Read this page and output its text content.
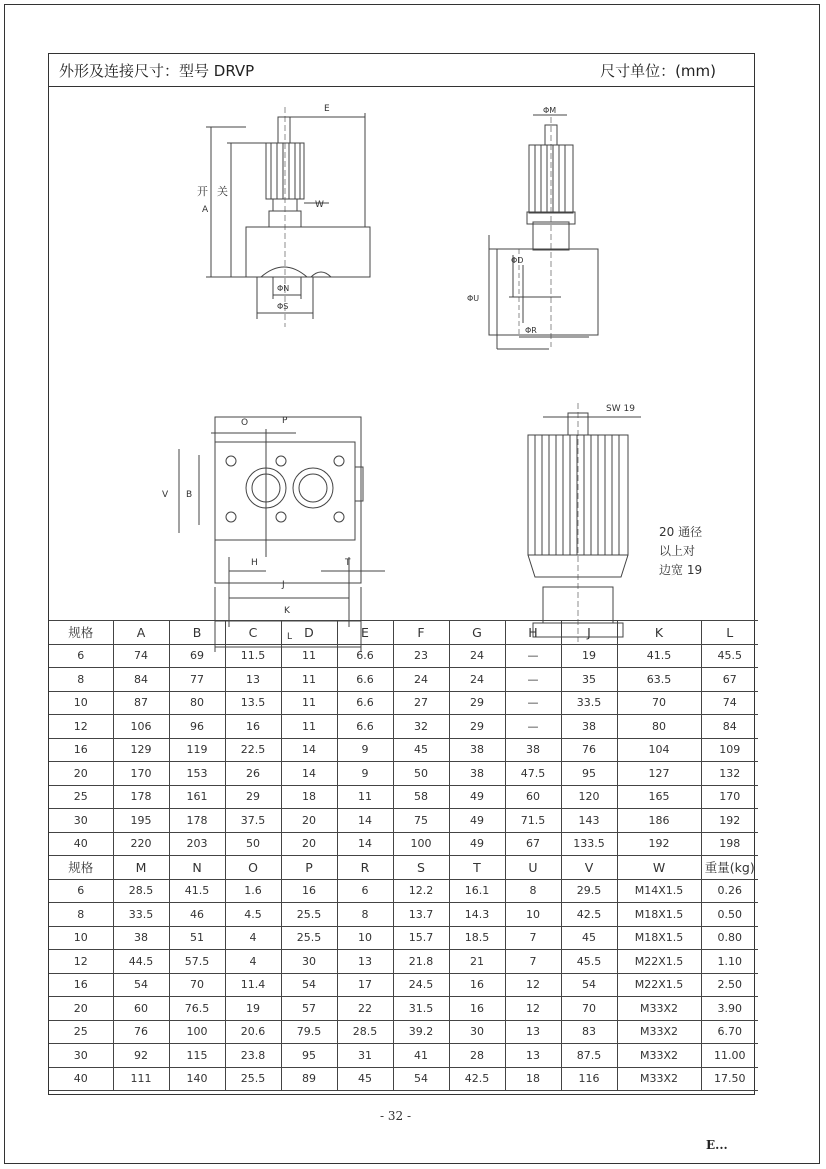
外形及连接尺寸：型号 DRVP	尺寸单位：(mm)
E
开 关
A	W
ΦN
ΦS
ΦM
ΦD
ΦR
ΦU
O	P
V B
H
J
K
L
T
SW 19
20 通径
以上对
边宽 19
规格	A	B	C	D	E	F	G	H	J	K	L
6	74	69	11.5	11	6.6	23	24	—	19	41.5	45.5
8	84	77	13	11	6.6	24	24	—	35	63.5	67
10	87	80	13.5	11	6.6	27	29	—	33.5	70	74
12	106	96	16	11	6.6	32	29	—	38	80	84
16	129	119	22.5	14	9	45	38	38	76	104	109
20	170	153	26	14	9	50	38	47.5	95	127	132
25	178	161	29	18	11	58	49	60	120	165	170
30	195	178	37.5	20	14	75	49	71.5	143	186	192
40	220	203	50	20	14	100	49	67	133.5	192	198
规格	M	N	O	P	R	S	T	U	V	W	重量(kg)
6	28.5	41.5	1.6	16	6	12.2	16.1	8	29.5	M14X1.5	0.26
8	33.5	46	4.5	25.5	8	13.7	14.3	10	42.5	M18X1.5	0.50
10	38	51	4	25.5	10	15.7	18.5	7	45	M18X1.5	0.80
12	44.5	57.5	4	30	13	21.8	21	7	45.5	M22X1.5	1.10
16	54	70	11.4	54	17	24.5	16	12	54	M22X1.5	2.50
20	60	76.5	19	57	22	31.5	16	12	70	M33X2	3.90
25	76	100	20.6	79.5	28.5	39.2	30	13	83	M33X2	6.70
30	92	115	23.8	95	31	41	28	13	87.5	M33X2	11.00
40	111	140	25.5	89	45	54	42.5	18	116	M33X2	17.50
- 32 -
E...
